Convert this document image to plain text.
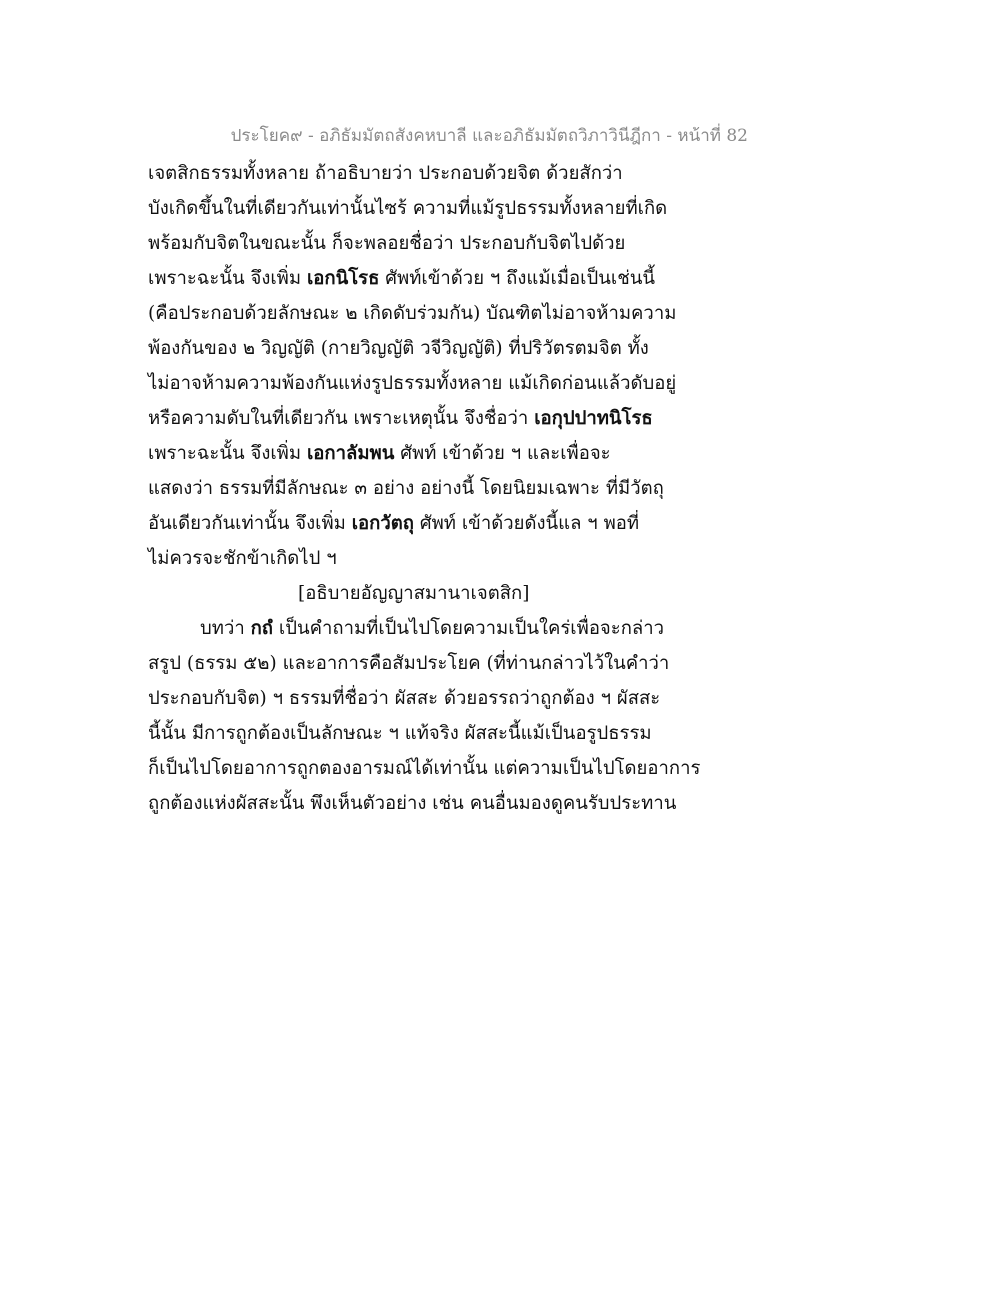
ประโยค๙ - อภิธัมมัตถสังคหบาลี และอภิธัมมัตถวิภาวินีฎีกา - หน้าที่ 82
เจตสิกธรรมทั้งหลาย ถ้าอธิบายว่า ประกอบด้วยจิต ด้วยสักว่า
บังเกิดขึ้นในที่เดียวกันเท่านั้นไซร้ ความที่แม้รูปธรรมทั้งหลายที่เกิด
พร้อมกับจิตในขณะนั้น ก็จะพลอยชื่อว่า ประกอบกับจิตไปด้วย
เพราะฉะนั้น จึงเพิ่ม เอกนิโรธ ศัพท์เข้าด้วย ฯ ถึงแม้เมื่อเป็นเช่นนี้
(คือประกอบด้วยลักษณะ ๒ เกิดดับร่วมกัน) บัณฑิตไม่อาจห้ามความ
พ้องกันของ ๒ วิญญัติ (กายวิญญัติ วจีวิญญัติ) ที่ปริวัตรตมจิต ทั้ง
ไม่อาจห้ามความพ้องกันแห่งรูปธรรมทั้งหลาย แม้เกิดก่อนแล้วดับอยู่
หรือความดับในที่เดียวกัน เพราะเหตุนั้น จึงชื่อว่า เอกุปปาทนิโรธ
เพราะฉะนั้น จึงเพิ่ม เอกาลัมพน ศัพท์ เข้าด้วย ฯ และเพื่อจะ
แสดงว่า ธรรมที่มีลักษณะ ๓ อย่าง อย่างนี้ โดยนิยมเฉพาะ ที่มีวัตถุ
อันเดียวกันเท่านั้น จึงเพิ่ม เอกวัตถุ ศัพท์ เข้าด้วยดังนี้แล ฯ พอที่
ไม่ควรจะชักข้าเกิดไป ฯ
[อธิบายอัญญาสมานาเจตสิก]
บทว่า กถํ เป็นคำถามที่เป็นไปโดยความเป็นใคร่เพื่อจะกล่าว
สรูป (ธรรม ๕๒) และอาการคือสัมประโยค (ที่ท่านกล่าวไว้ในคำว่า
ประกอบกับจิต) ฯ ธรรมที่ชื่อว่า ผัสสะ ด้วยอรรถว่าถูกต้อง ฯ ผัสสะ
นี้นั้น มีการถูกต้องเป็นลักษณะ ฯ แท้จริง ผัสสะนี้แม้เป็นอรูปธรรม
ก็เป็นไปโดยอาการถูกตองอารมณ์ได้เท่านั้น แต่ความเป็นไปโดยอาการ
ถูกต้องแห่งผัสสะนั้น พึงเห็นตัวอย่าง เช่น คนอื่นมองดูคนรับประทาน
